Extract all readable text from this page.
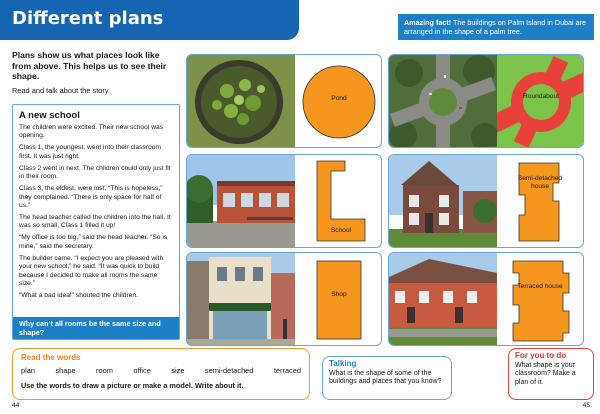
Different plans	Amazing fact! The buildings on Palm Island in Dubai are arranged in the shape of a palm tree.
Plans show us what places look like from above. This helps us to see their shape.
Read and talk about the story.
A new school

The children were excited. Their new school was opening.

Class 1, the youngest, went into their classroom first. It was just right.

Class 2 went in next. The children could only just fit in their room.

Class 3, the eldest, were lost. “This is hopeless,” they complained. “There is only space for half of us.”

The head teacher called the children into the hall. It was so small, Class 1 filled it up!

“My office is too big,” said the head teacher. “So is mine,” said the secretary.

The builder came. “I expect you are pleased with your new school,” he said. “It was quick to build because I decided to make all rooms the same size.”

“What a bad idea!” shouted the children.

Why can’t all rooms be the same size and shape?
Pond	Roundabout
School
Semi-detached house
Shop
Terraced house
Read the words
plan	shape	room	office	size	semi-detached	terraced
Use the words to draw a picture or make a model. Write about it.
Talking
What is the shape of some of the buildings and places that you know?
For you to do
What shape is your classroom? Make a plan of it.
44	45
